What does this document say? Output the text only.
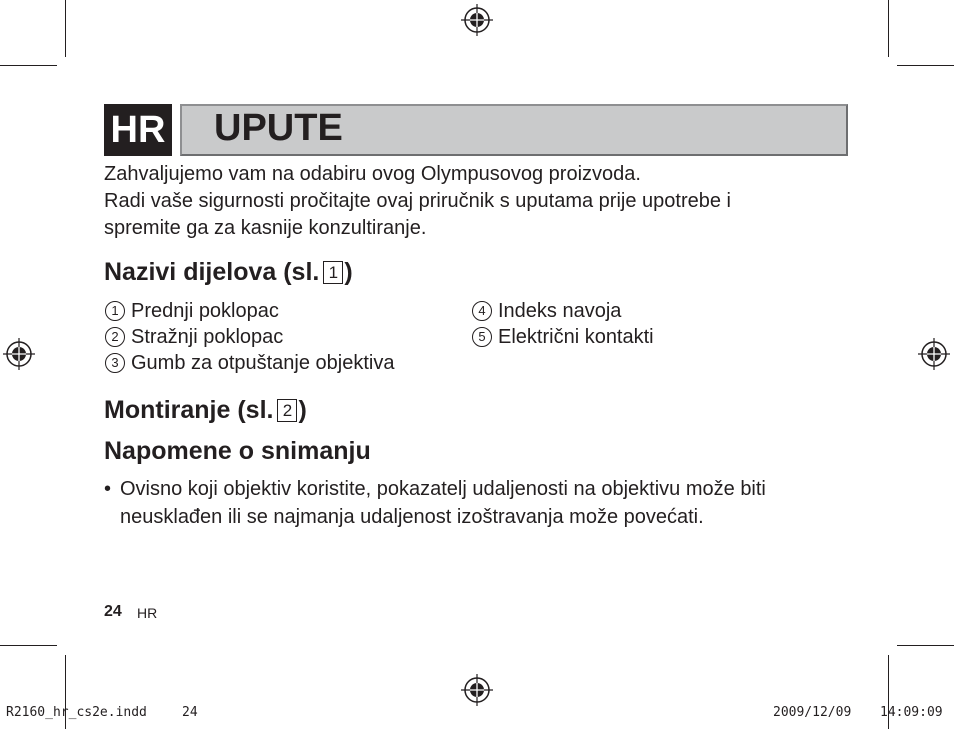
HR UPUTE
Zahvaljujemo vam na odabiru ovog Olympusovog proizvoda.
Radi vaše sigurnosti pročitajte ovaj priručnik s uputama prije upotrebe i
spremite ga za kasnije konzultiranje.
Nazivi dijelova (sl. 1 )
1 Prednji poklopac
2 Stražnji poklopac
3 Gumb za otpuštanje objektiva
4 Indeks navoja
5 Električni kontakti
Montiranje (sl. 2 )
Napomene o snimanju
• Ovisno koji objektiv koristite, pokazatelj udaljenosti na objektivu može biti
neusklađen ili se najmanja udaljenost izoštravanja može povećati.
24 HR
R2160_hr_cs2e.indd	24	2009/12/09 14:09:09
